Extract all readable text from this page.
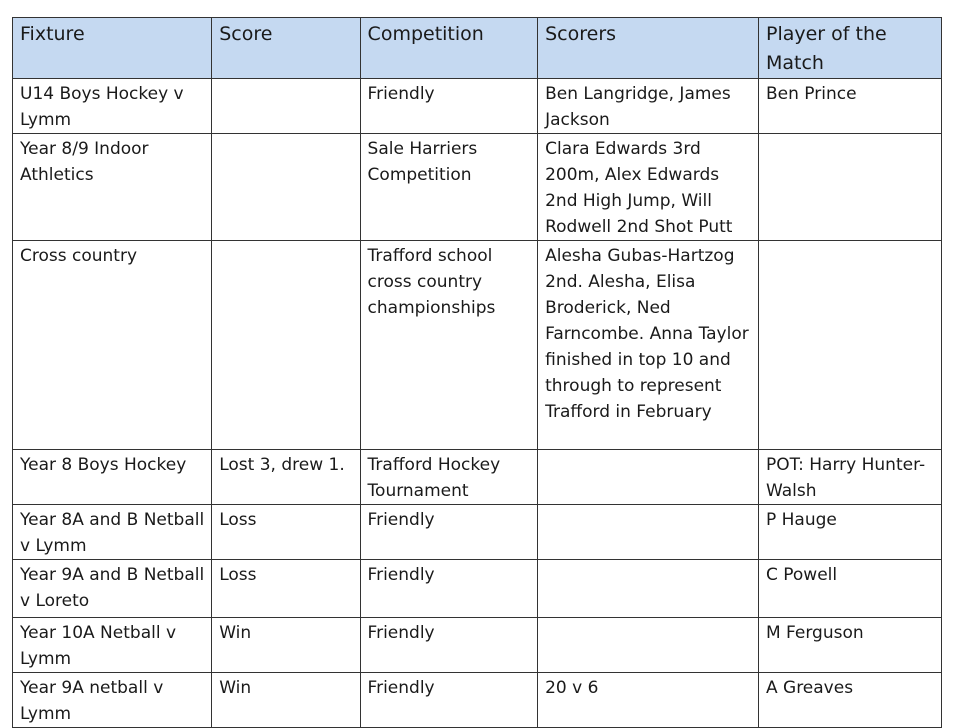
Fixture	Score	Competition	Scorers	Player of the Match
U14 Boys Hockey v Lymm		Friendly	Ben Langridge, James Jackson	Ben Prince
Year 8/9 Indoor Athletics		Sale Harriers Competition	Clara Edwards 3rd 200m, Alex Edwards 2nd High Jump, Will Rodwell 2nd Shot Putt	
Cross country		Trafford school cross country championships	Alesha Gubas-Hartzog 2nd. Alesha, Elisa Broderick, Ned Farncombe. Anna Taylor finished in top 10 and through to represent Trafford in February	
Year 8 Boys Hockey	Lost 3, drew 1.	Trafford Hockey Tournament		POT: Harry Hunter-Walsh
Year 8A and B Netball v Lymm	Loss	Friendly		P Hauge
Year 9A and B Netball v Loreto	Loss	Friendly		C Powell
Year 10A Netball v Lymm	Win	Friendly		M Ferguson
Year 9A netball v Lymm	Win	Friendly	20 v 6	A Greaves
